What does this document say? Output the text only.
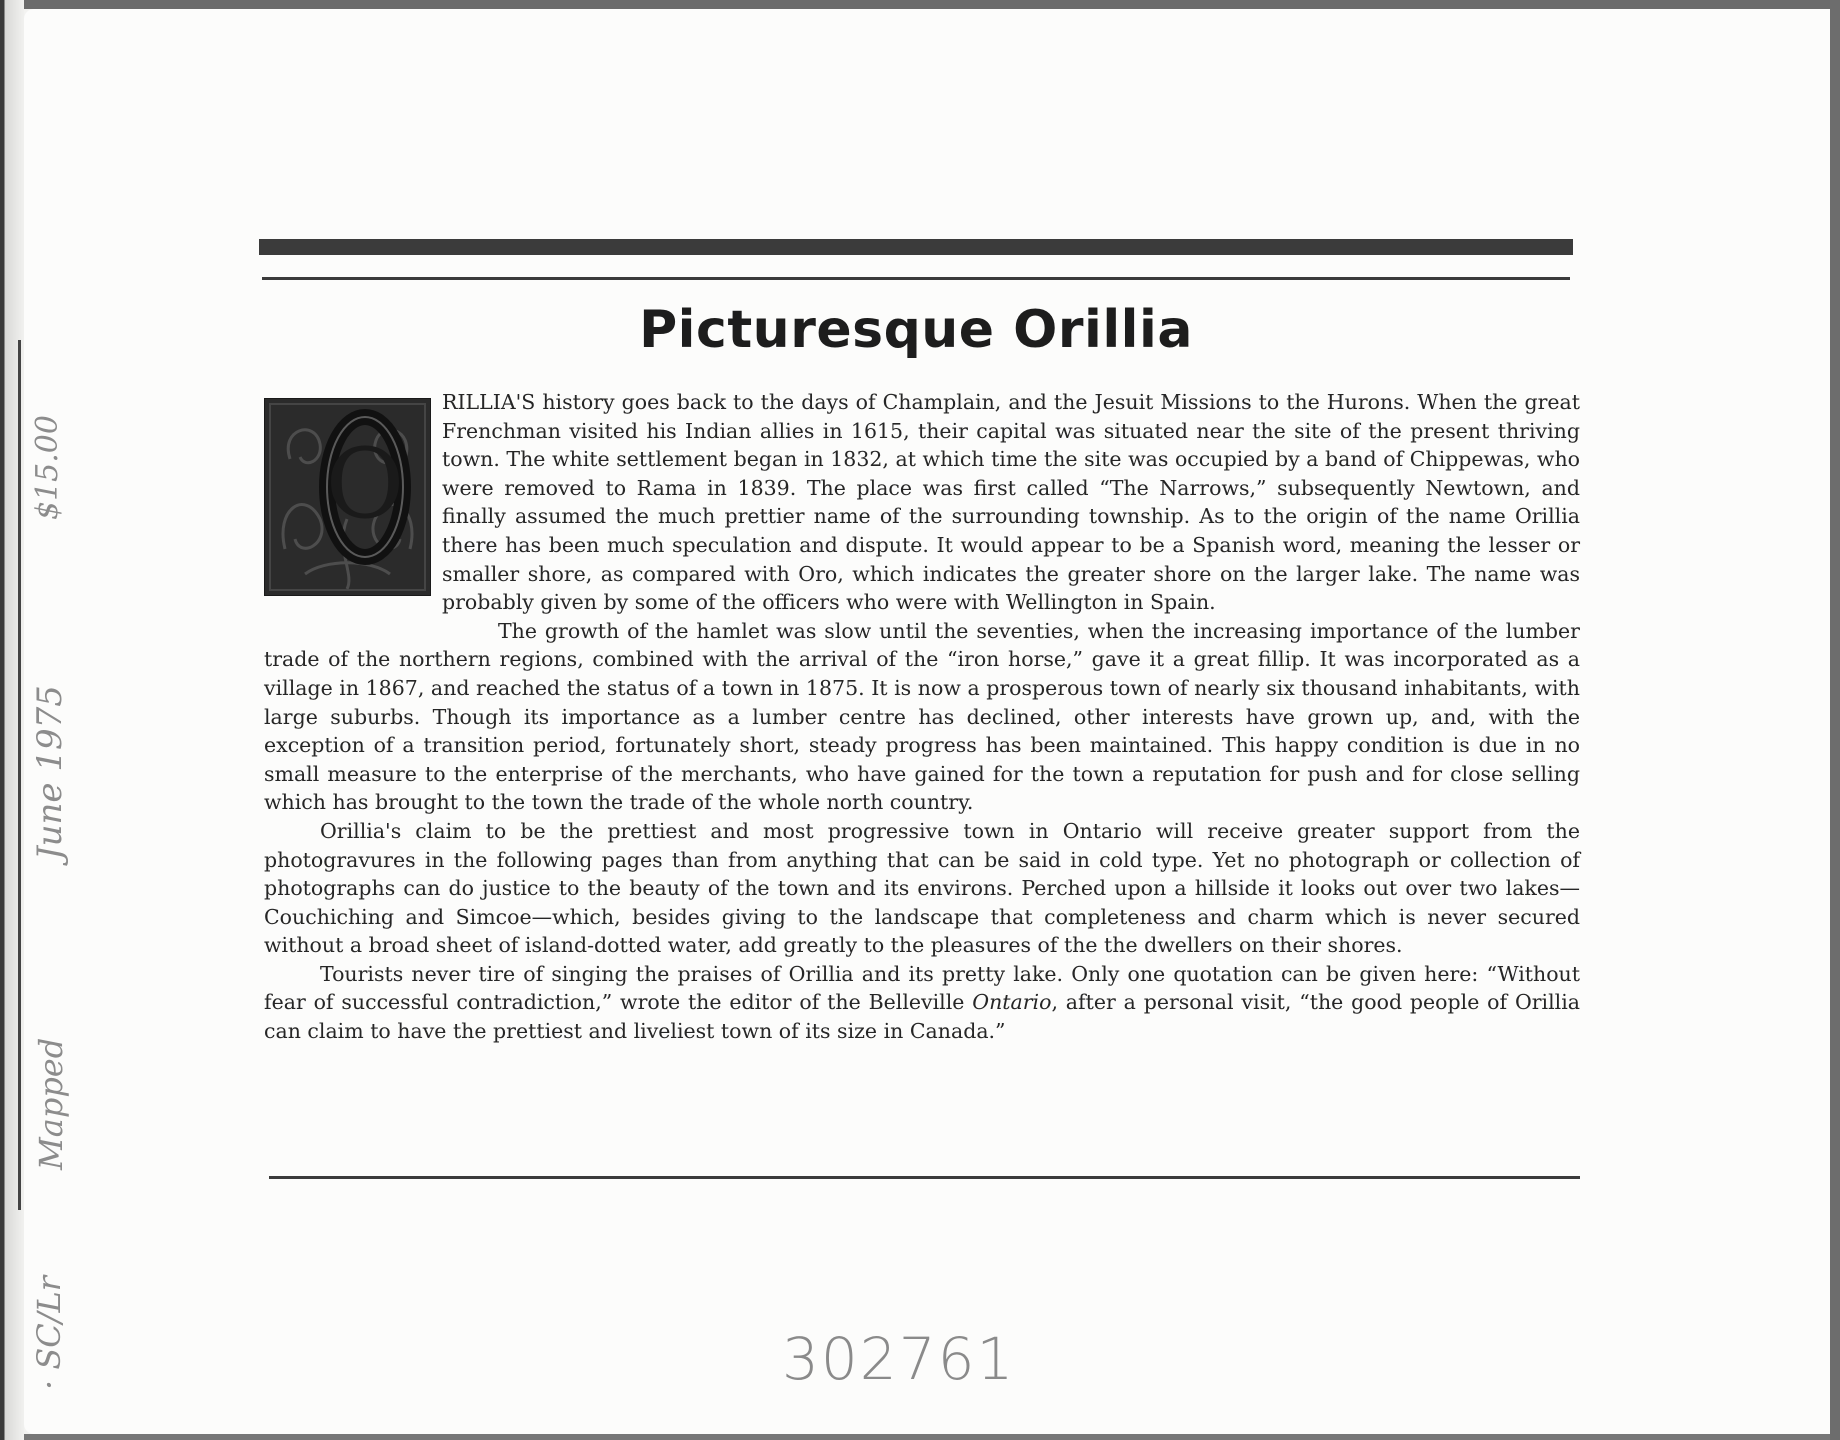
Picturesque Orillia
O

RILLIA'S history goes back to the days of Champlain, and the Jesuit Missions to the Hurons. When the great Frenchman visited his Indian allies in 1615, their capital was situated near the site of the present thriving town. The white settlement began in 1832, at which time the site was occupied by a band of Chippewas, who were removed to Rama in 1839. The place was first called “The Narrows,” subsequently Newtown, and finally assumed the much prettier name of the surrounding township. As to the origin of the name Orillia there has been much speculation and dispute. It would appear to be a Spanish word, meaning the lesser or smaller shore, as compared with Oro, which indicates the greater shore on the larger lake. The name was probably given by some of the officers who were with Wellington in Spain.

The growth of the hamlet was slow until the seventies, when the increasing importance of the lumber trade of the northern regions, combined with the arrival of the “iron horse,” gave it a great fillip. It was incorporated as a village in 1867, and reached the status of a town in 1875. It is now a prosperous town of nearly six thousand inhabitants, with large suburbs. Though its importance as a lumber centre has declined, other interests have grown up, and, with the exception of a transition period, fortunately short, steady progress has been maintained. This happy condition is due in no small measure to the enterprise of the merchants, who have gained for the town a reputation for push and for close selling which has brought to the town the trade of the whole north country.

Orillia's claim to be the prettiest and most progressive town in Ontario will receive greater support from the photogravures in the following pages than from anything that can be said in cold type. Yet no photograph or collection of photographs can do justice to the beauty of the town and its environs. Perched upon a hillside it looks out over two lakes—Couchiching and Simcoe—which, besides giving to the landscape that completeness and charm which is never secured without a broad sheet of island-dotted water, add greatly to the pleasures of the the dwellers on their shores.

Tourists never tire of singing the praises of Orillia and its pretty lake. Only one quotation can be given here: “Without fear of successful contradiction,” wrote the editor of the Belleville Ontario, after a personal visit, “the good people of Orillia can claim to have the prettiest and liveliest town of its size in Canada.”

$15.00
June 1975
Mapped
· SC/Lr	302761
